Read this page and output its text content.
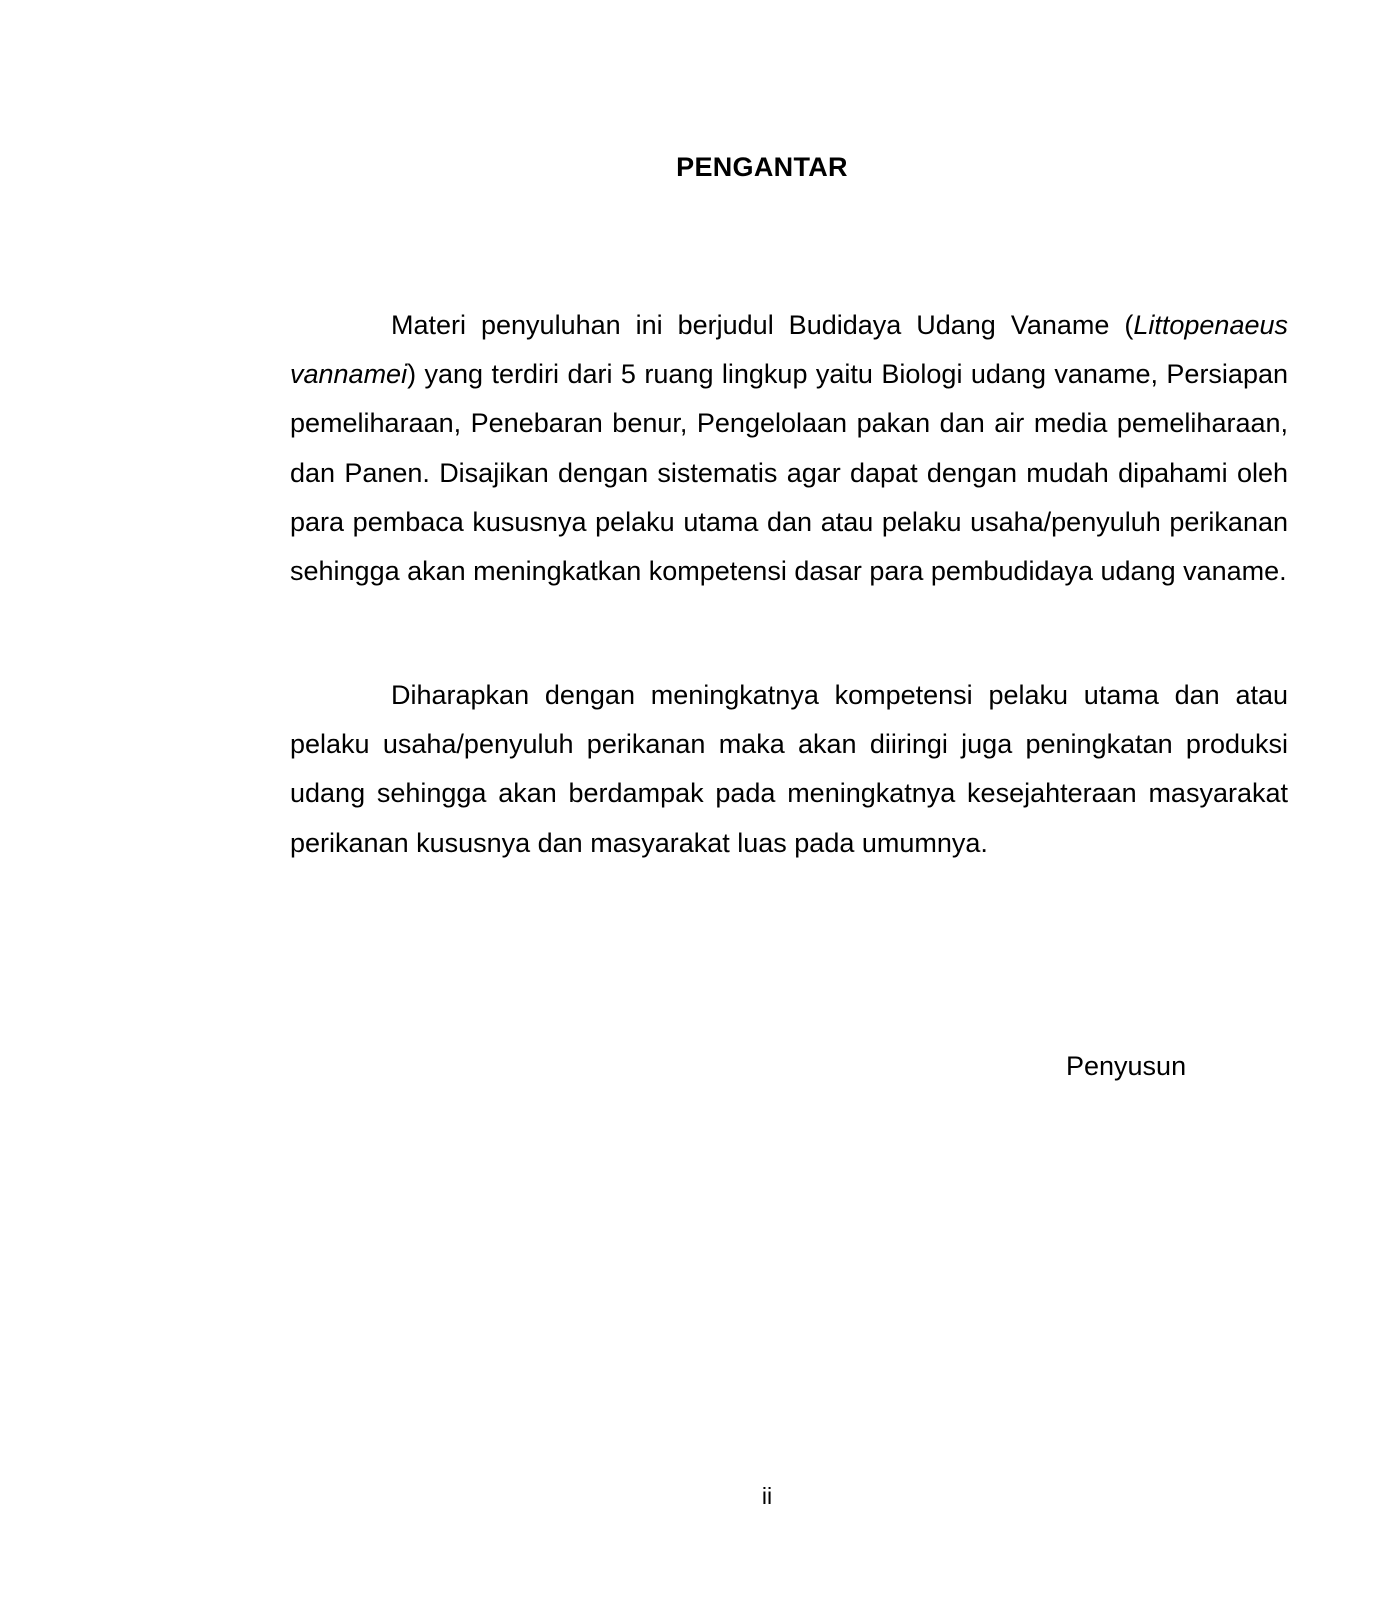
PENGANTAR

Materi penyuluhan ini berjudul Budidaya Udang Vaname (Littopenaeus vannamei) yang terdiri dari 5 ruang lingkup yaitu Biologi udang vaname, Persiapan pemeliharaan, Penebaran benur, Pengelolaan pakan dan air media pemeliharaan, dan Panen. Disajikan dengan sistematis agar dapat dengan mudah dipahami oleh para pembaca kususnya pelaku utama dan atau pelaku usaha/penyuluh perikanan sehingga akan meningkatkan kompetensi dasar para pembudidaya udang vaname.

Diharapkan dengan meningkatnya kompetensi pelaku utama dan atau pelaku usaha/penyuluh perikanan maka akan diiringi juga peningkatan produksi udang sehingga akan berdampak pada meningkatnya kesejahteraan masyarakat perikanan kususnya dan masyarakat luas pada umumnya.

Penyusun
ii
